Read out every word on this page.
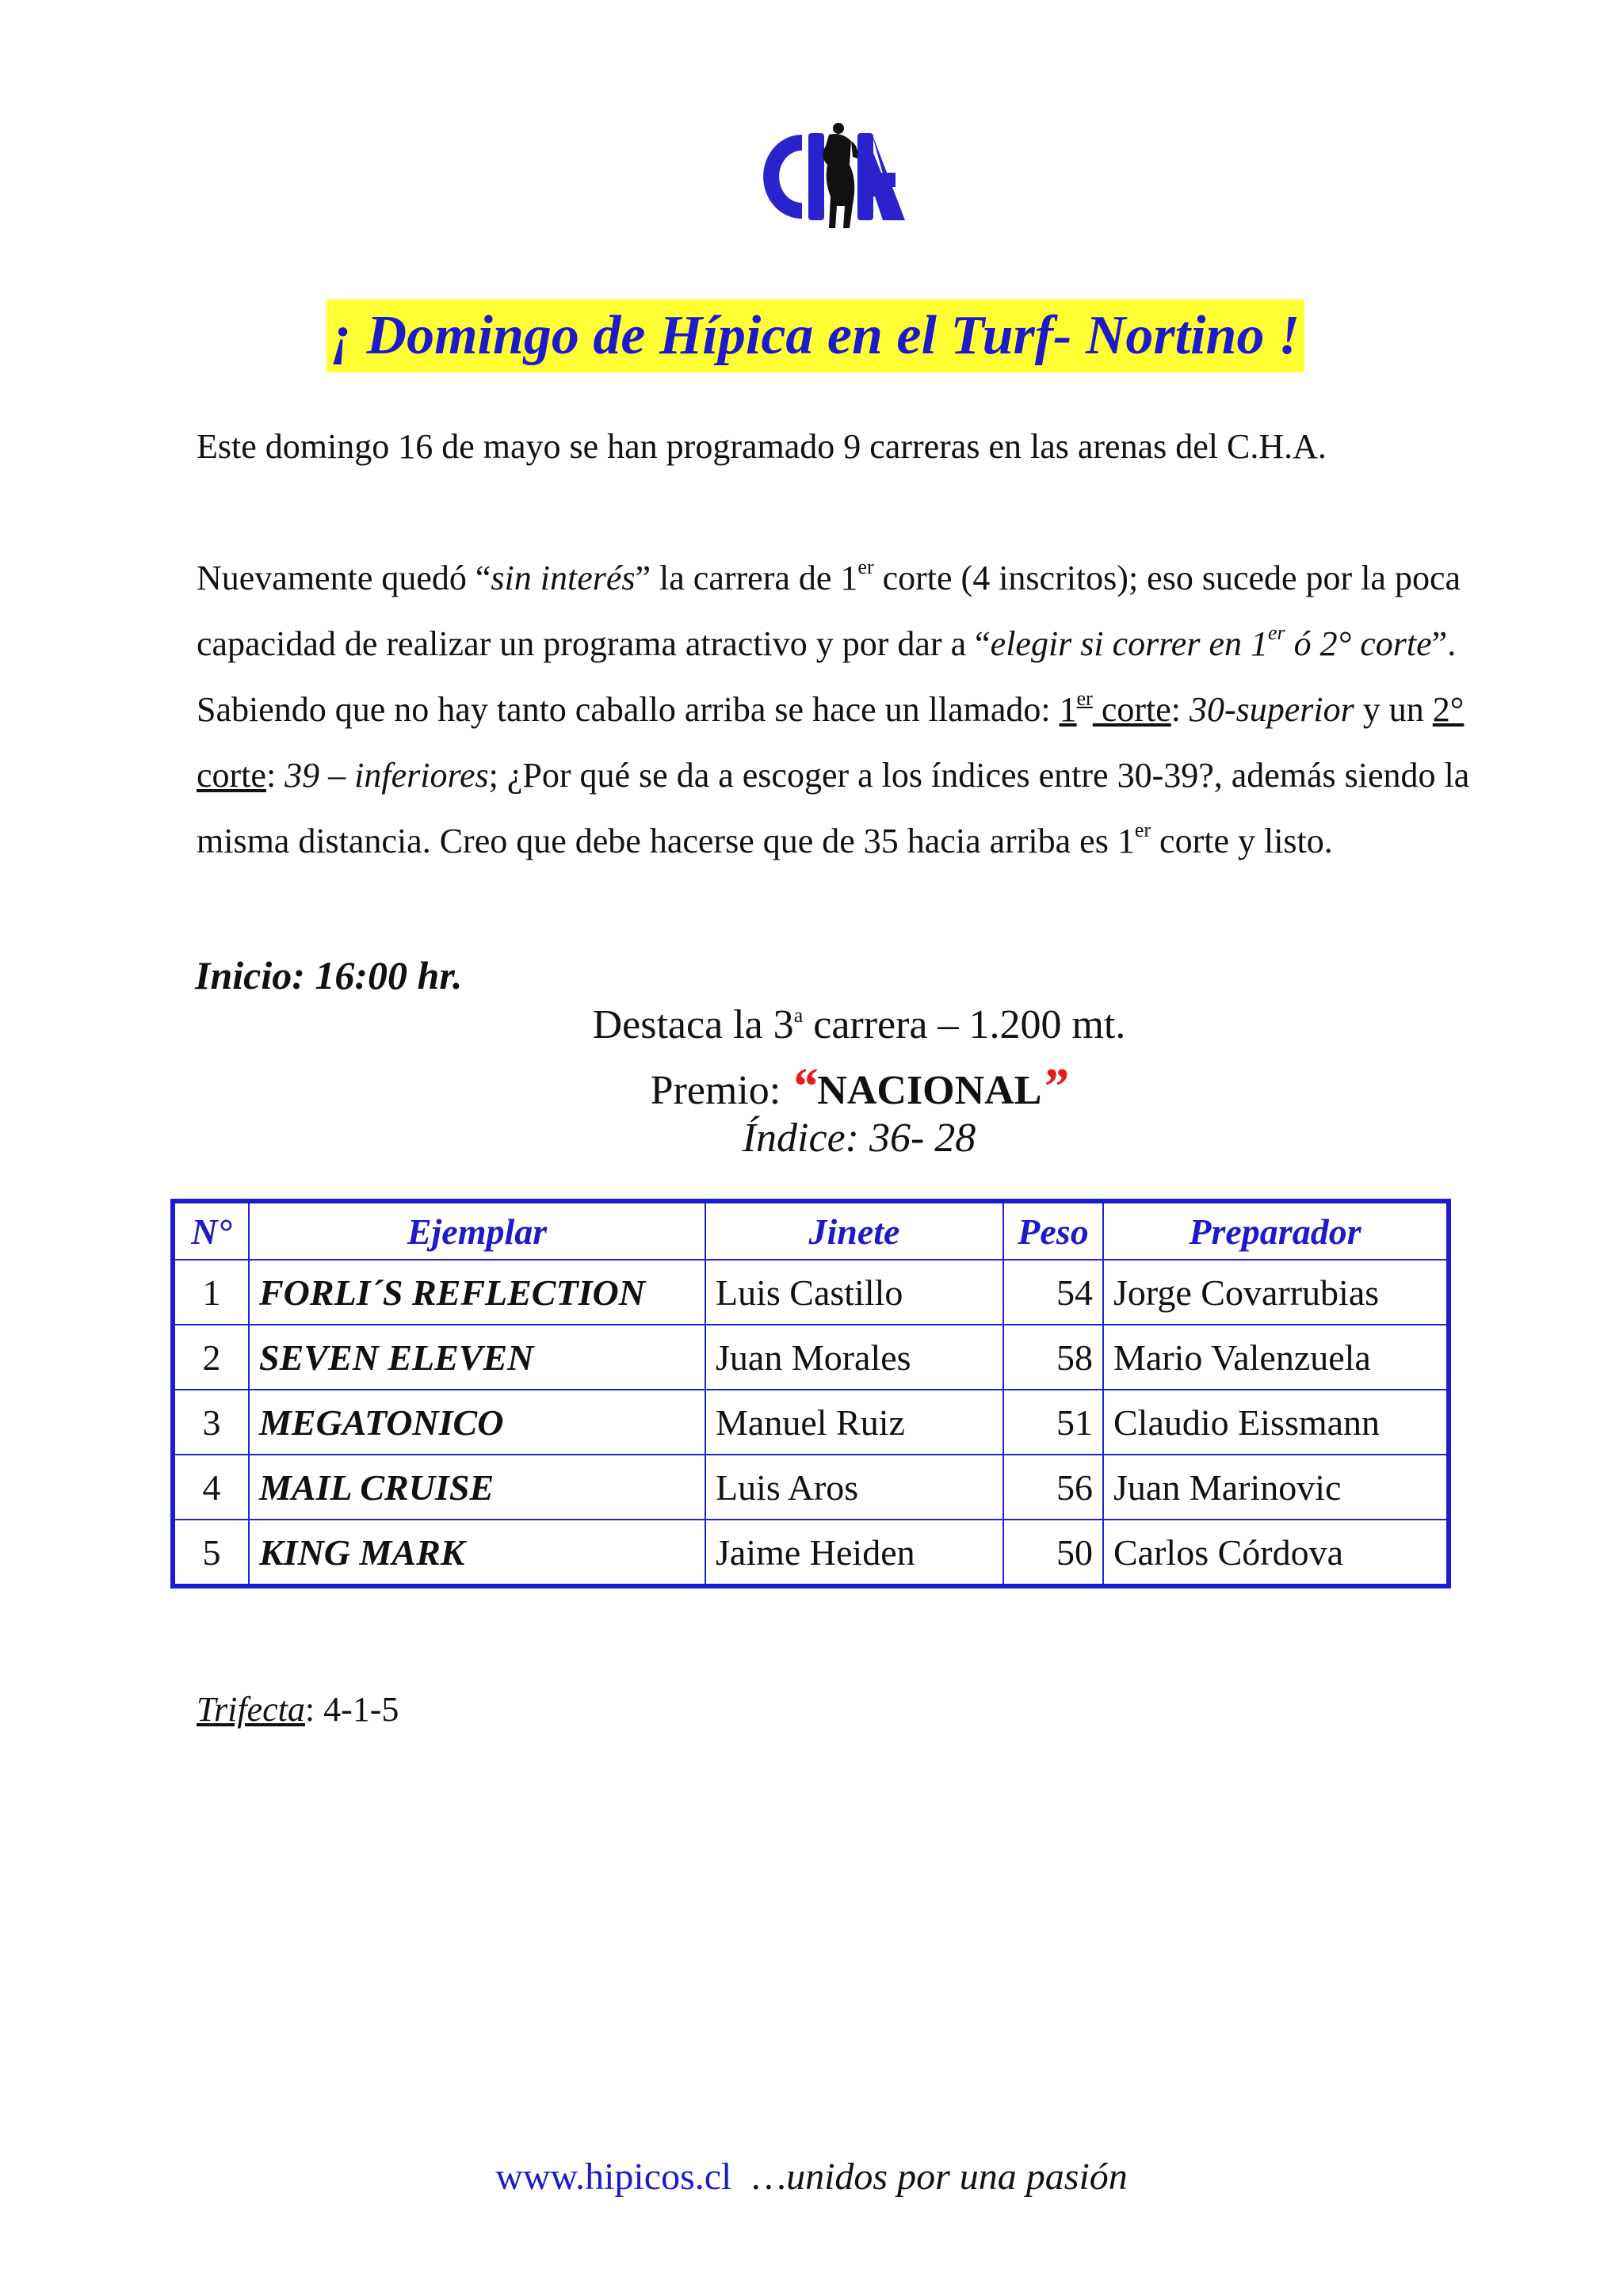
¡ Domingo de Hípica en el Turf- Nortino !
Este domingo 16 de mayo se han programado 9 carreras en las arenas del C.H.A.
Nuevamente quedó “sin interés” la carrera de 1er corte (4 inscritos); eso sucede por la poca capacidad de realizar un programa atractivo y por dar a “elegir si correr en 1er ó 2° corte”. Sabiendo que no hay tanto caballo arriba se hace un llamado: 1er corte: 30-superior y un 2° corte: 39 – inferiores; ¿Por qué se da a escoger a los índices entre 30-39?, además siendo la misma distancia. Creo que debe hacerse que de 35 hacia arriba es 1er corte y listo.
Inicio: 16:00 hr.
Destaca la 3$^a$ carrera – 1.200 mt.
Premio: “NACIONAL”
Índice: 36- 28
N°	Ejemplar	Jinete	Peso	Preparador
1	FORLI´S REFLECTION	Luis Castillo	54	Jorge Covarrubias
2	SEVEN ELEVEN	Juan Morales	58	Mario Valenzuela
3	MEGATONICO	Manuel Ruiz	51	Claudio Eissmann
4	MAIL CRUISE	Luis Aros	56	Juan Marinovic
5	KING MARK	Jaime Heiden	50	Carlos Córdova
Trifecta: 4-1-5
www.hipicos.cl …unidos por una pasión
